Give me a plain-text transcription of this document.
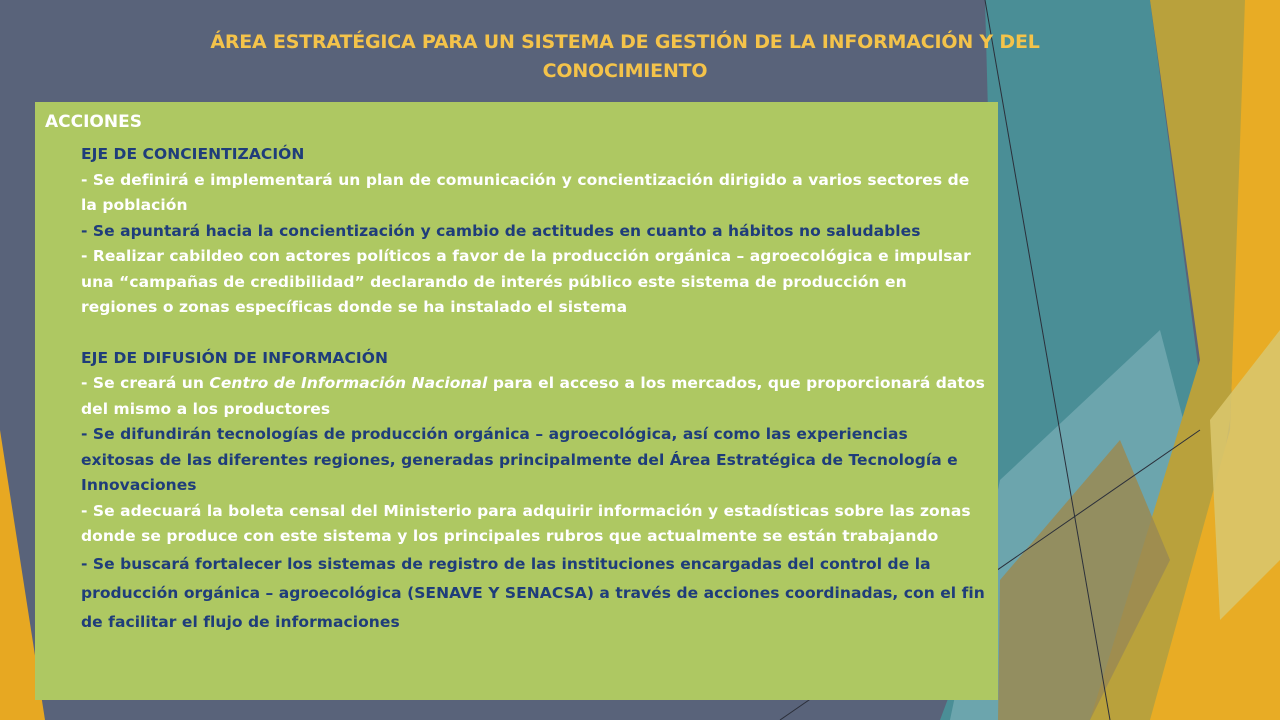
ÁREA ESTRATÉGICA PARA UN SISTEMA DE GESTIÓN DE LA INFORMACIÓN Y DEL CONOCIMIENTO
ACCIONES
EJE DE CONCIENTIZACIÓN
- Se definirá e implementará un plan de comunicación y concientización dirigido a varios sectores de la población
- Se apuntará hacia la concientización y cambio de actitudes en cuanto a hábitos no saludables
- Realizar cabildeo con actores políticos a favor de la producción orgánica – agroecológica e impulsar una “campañas de credibilidad” declarando de interés público este sistema de producción en regiones o zonas específicas donde se ha instalado el sistema
EJE DE DIFUSIÓN DE INFORMACIÓN
- Se creará un Centro de Información Nacional para el acceso a los mercados, que proporcionará datos del mismo a los productores
- Se difundirán tecnologías de producción orgánica – agroecológica, así como las experiencias exitosas de las diferentes regiones, generadas principalmente del Área Estratégica de Tecnología e Innovaciones
- Se adecuará la boleta censal del Ministerio para adquirir información y estadísticas sobre las zonas donde se produce con este sistema y los principales rubros que actualmente se están trabajando
- Se buscará fortalecer los sistemas de registro de las instituciones encargadas del control de la producción orgánica – agroecológica (SENAVE Y SENACSA) a través de acciones coordinadas, con el fin de facilitar el flujo de informaciones
